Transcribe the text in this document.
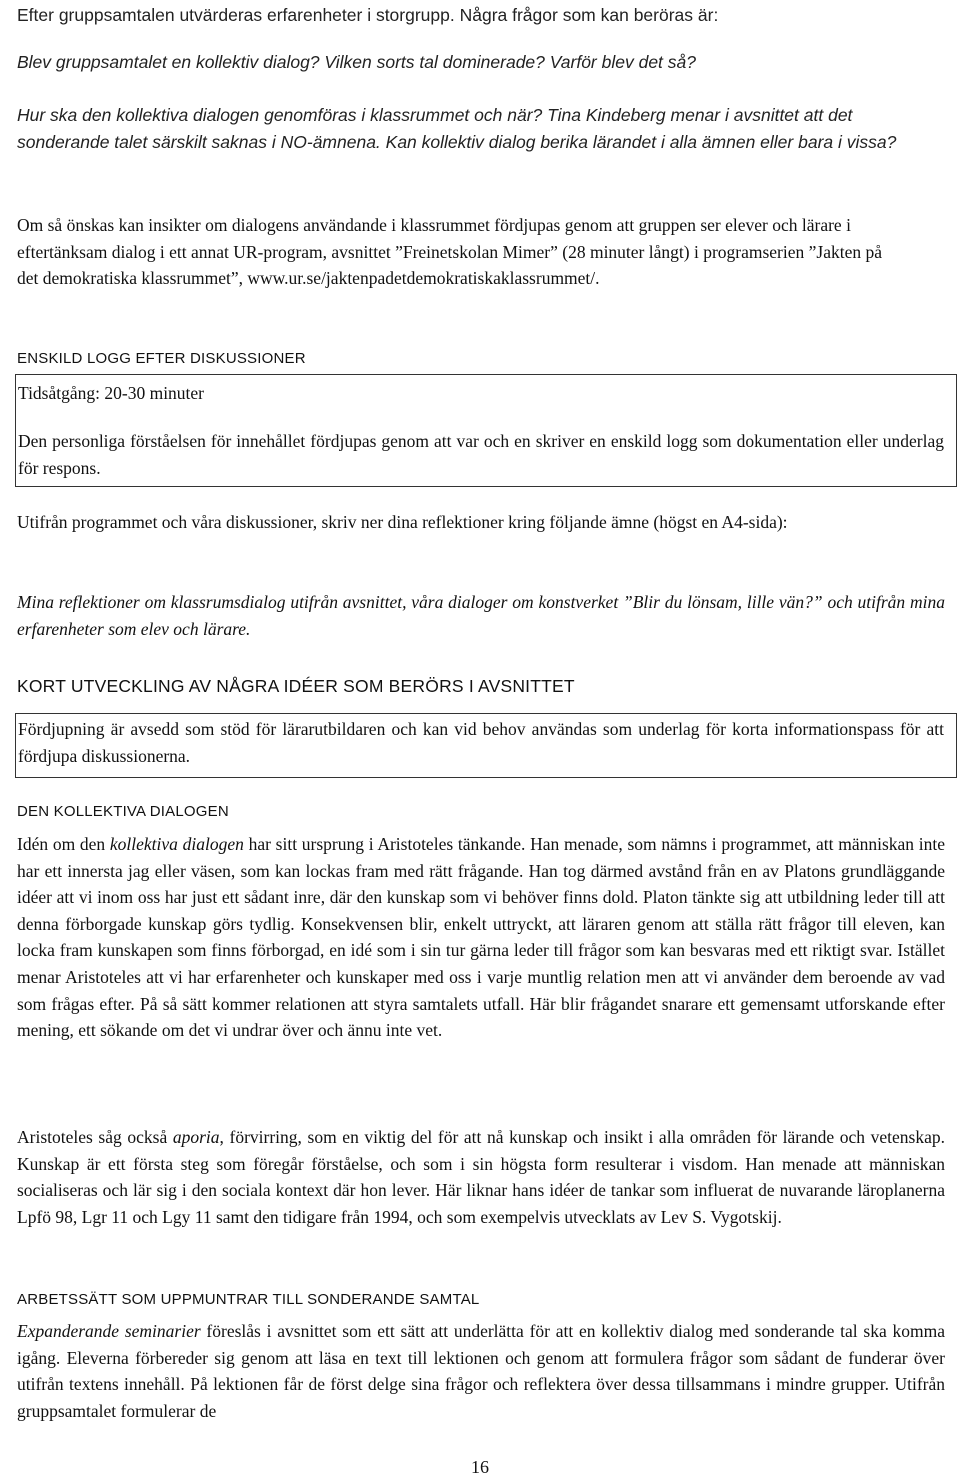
Efter gruppsamtalen utvärderas erfarenheter i storgrupp. Några frågor som kan beröras är:

Blev gruppsamtalet en kollektiv dialog? Vilken sorts tal dominerade? Varför blev det så?

Hur ska den kollektiva dialogen genomföras i klassrummet och när? Tina Kindeberg menar i avsnittet att det sonderande talet särskilt saknas i NO-ämnena. Kan kollektiv dialog berika lärandet i alla ämnen eller bara i vissa?

Om så önskas kan insikter om dialogens användande i klassrummet fördjupas genom att gruppen ser elever och lärare i eftertänksam dialog i ett annat UR-program, avsnittet ”Freinetskolan Mimer” (28 minuter långt) i programserien ”Jakten på det demokratiska klassrummet”, www.ur.se/jaktenpadetdemokratiskaklassrummet/.

ENSKILD LOGG EFTER DISKUSSIONER

Tidsåtgång: 20-30 minuter

Den personliga förståelsen för innehållet fördjupas genom att var och en skriver en enskild logg som dokumentation eller underlag för respons.

Utifrån programmet och våra diskussioner, skriv ner dina reflektioner kring följande ämne (högst en A4-sida):

Mina reflektioner om klassrumsdialog utifrån avsnittet, våra dialoger om konstverket ”Blir du lönsam, lille vän?” och utifrån mina erfarenheter som elev och lärare.

KORT UTVECKLING AV NÅGRA IDÉER SOM BERÖRS I AVSNITTET

Fördjupning är avsedd som stöd för lärarutbildaren och kan vid behov användas som underlag för korta informationspass för att fördjupa diskussionerna.

DEN KOLLEKTIVA DIALOGEN

Idén om den kollektiva dialogen har sitt ursprung i Aristoteles tänkande. Han menade, som nämns i programmet, att människan inte har ett innersta jag eller väsen, som kan lockas fram med rätt frågande. Han tog därmed avstånd från en av Platons grundläggande idéer att vi inom oss har just ett sådant inre, där den kunskap som vi behöver finns dold. Platon tänkte sig att utbildning leder till att denna förborgade kunskap görs tydlig. Konsekvensen blir, enkelt uttryckt, att läraren genom att ställa rätt frågor till eleven, kan locka fram kunskapen som finns förborgad, en idé som i sin tur gärna leder till frågor som kan besvaras med ett riktigt svar. Istället menar Aristoteles att vi har erfarenheter och kunskaper med oss i varje muntlig relation men att vi använder dem beroende av vad som frågas efter. På så sätt kommer relationen att styra samtalets utfall. Här blir frågandet snarare ett gemensamt utforskande efter mening, ett sökande om det vi undrar över och ännu inte vet.

Aristoteles såg också aporia, förvirring, som en viktig del för att nå kunskap och insikt i alla områden för lärande och vetenskap. Kunskap är ett första steg som föregår förståelse, och som i sin högsta form resulterar i visdom. Han menade att människan socialiseras och lär sig i den sociala kontext där hon lever. Här liknar hans idéer de tankar som influerat de nuvarande läroplanerna Lpfö 98, Lgr 11 och Lgy 11 samt den tidigare från 1994, och som exempelvis utvecklats av Lev S. Vygotskij.

ARBETSSÄTT SOM UPPMUNTRAR TILL SONDERANDE SAMTAL

Expanderande seminarier föreslås i avsnittet som ett sätt att underlätta för att en kollektiv dialog med sonderande tal ska komma igång. Eleverna förbereder sig genom att läsa en text till lektionen och genom att formulera frågor som sådant de funderar över utifrån textens innehåll. På lektionen får de först delge sina frågor och reflektera över dessa tillsammans i mindre grupper. Utifrån gruppsamtalet formulerar de

16
